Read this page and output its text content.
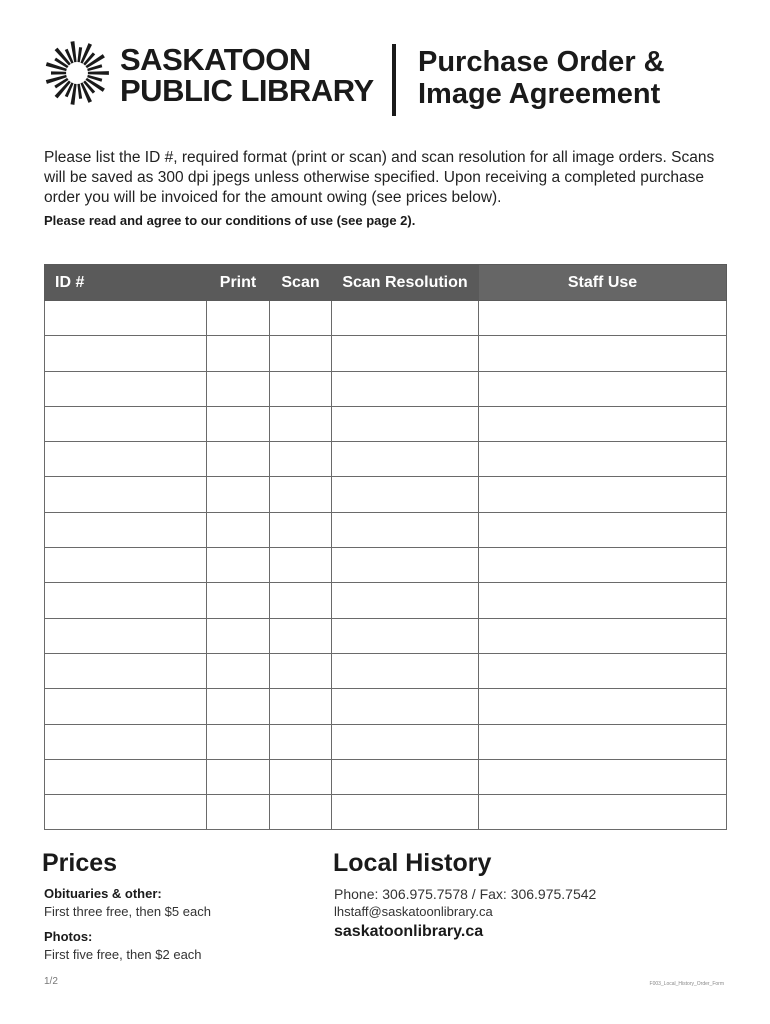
SASKATOON
PUBLIC LIBRARY
Purchase Order &
Image Agreement
Please list the ID #, required format (print or scan) and scan resolution for all image orders. Scans will be saved as 300 dpi jpegs unless otherwise specified. Upon receiving a completed purchase order you will be invoiced for the amount owing (see prices below).
Please read and agree to our conditions of use (see page 2).
ID #	Print	Scan	Scan Resolution	Staff Use

Prices
Obituaries & other:
First three free, then $5 each
Photos:
First five free, then $2 each
Local History
Phone: 306.975.7578 / Fax: 306.975.7542
lhstaff@saskatoonlibrary.ca
saskatoonlibrary.ca
1/2	F003_Local_History_Order_Form
